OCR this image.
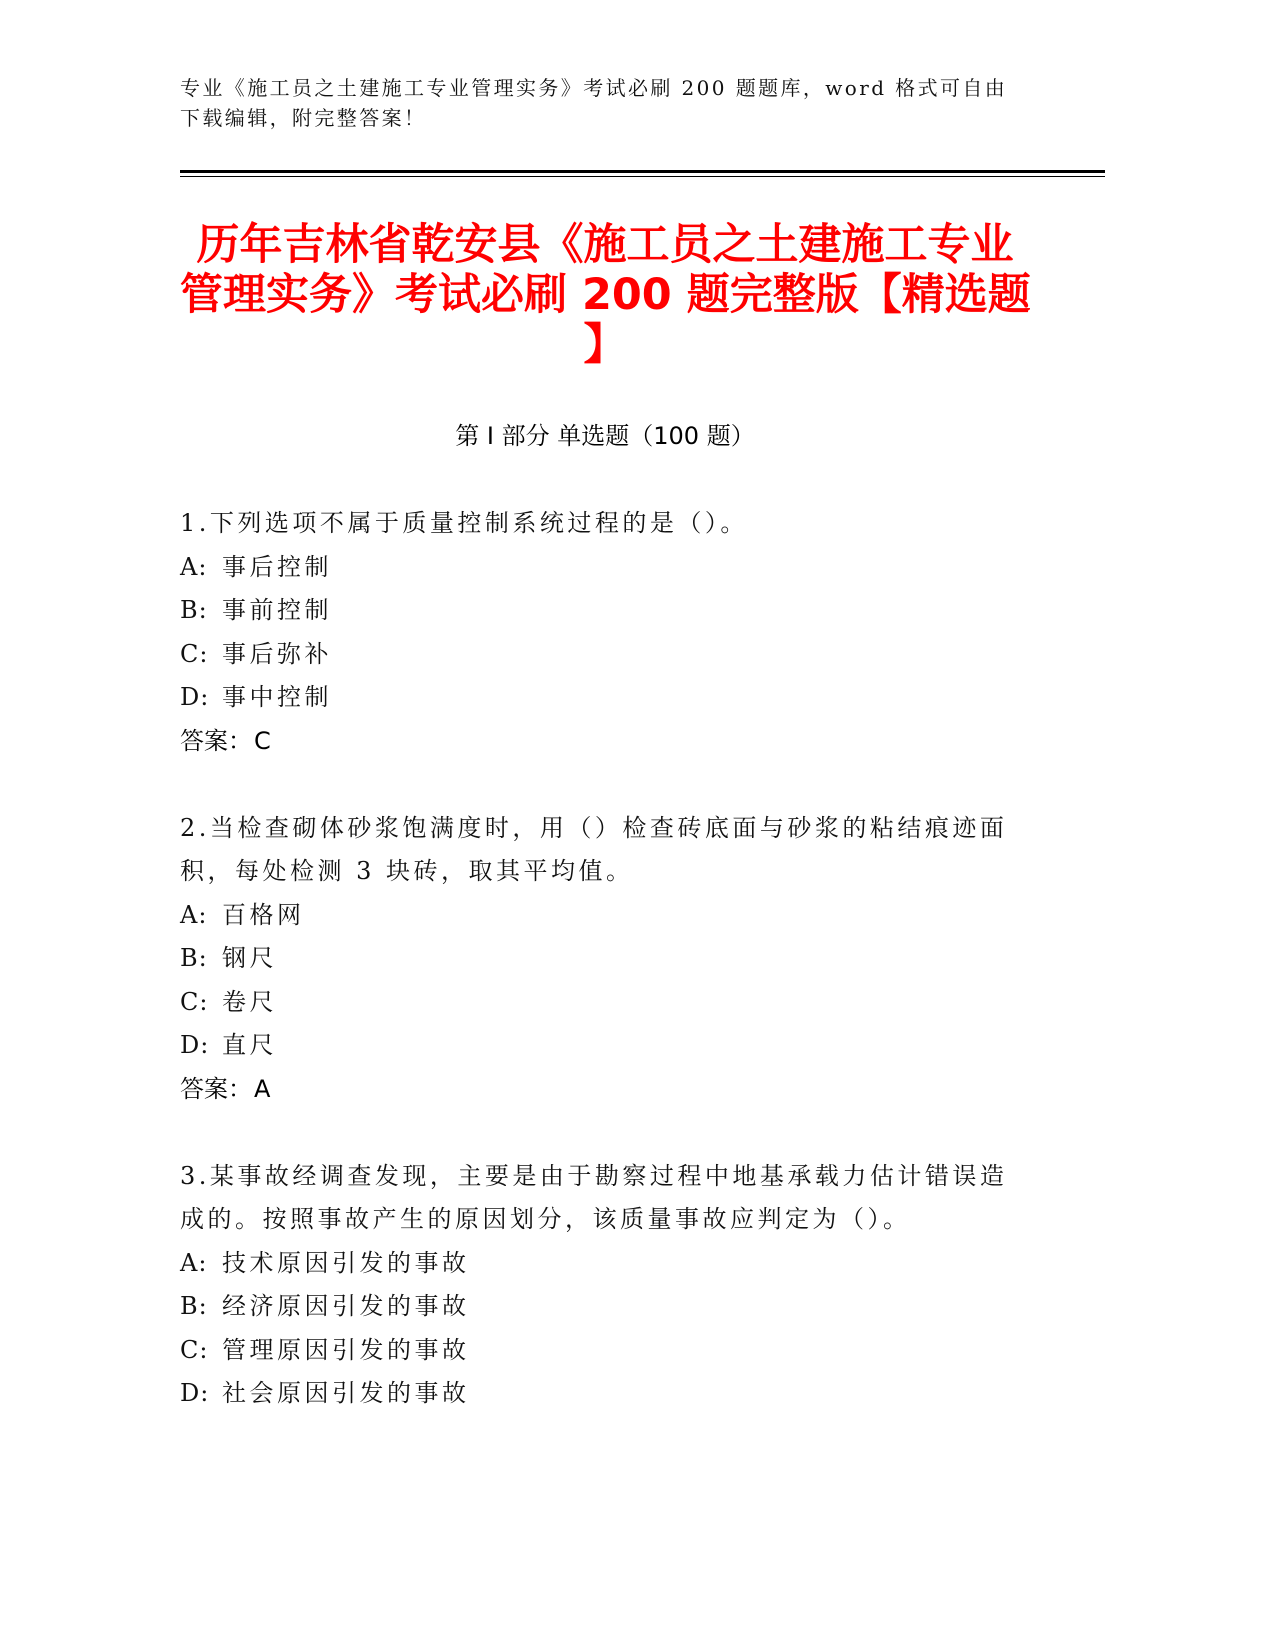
专业《施工员之土建施工专业管理实务》考试必刷 200 题题库，word 格式可自由
下载编辑，附完整答案！
历年吉林省乾安县《施工员之土建施工专业
管理实务》考试必刷 200 题完整版【精选题
】
第 I 部分 单选题（100 题）
1.下列选项不属于质量控制系统过程的是（）。
A: 事后控制
B: 事前控制
C: 事后弥补
D: 事中控制
答案：C
2.当检查砌体砂浆饱满度时，用（）检查砖底面与砂浆的粘结痕迹面
积，每处检测 3 块砖，取其平均值。
A: 百格网
B: 钢尺
C: 卷尺
D: 直尺
答案：A
3.某事故经调查发现，主要是由于勘察过程中地基承载力估计错误造
成的。按照事故产生的原因划分，该质量事故应判定为（）。
A: 技术原因引发的事故
B: 经济原因引发的事故
C: 管理原因引发的事故
D: 社会原因引发的事故
